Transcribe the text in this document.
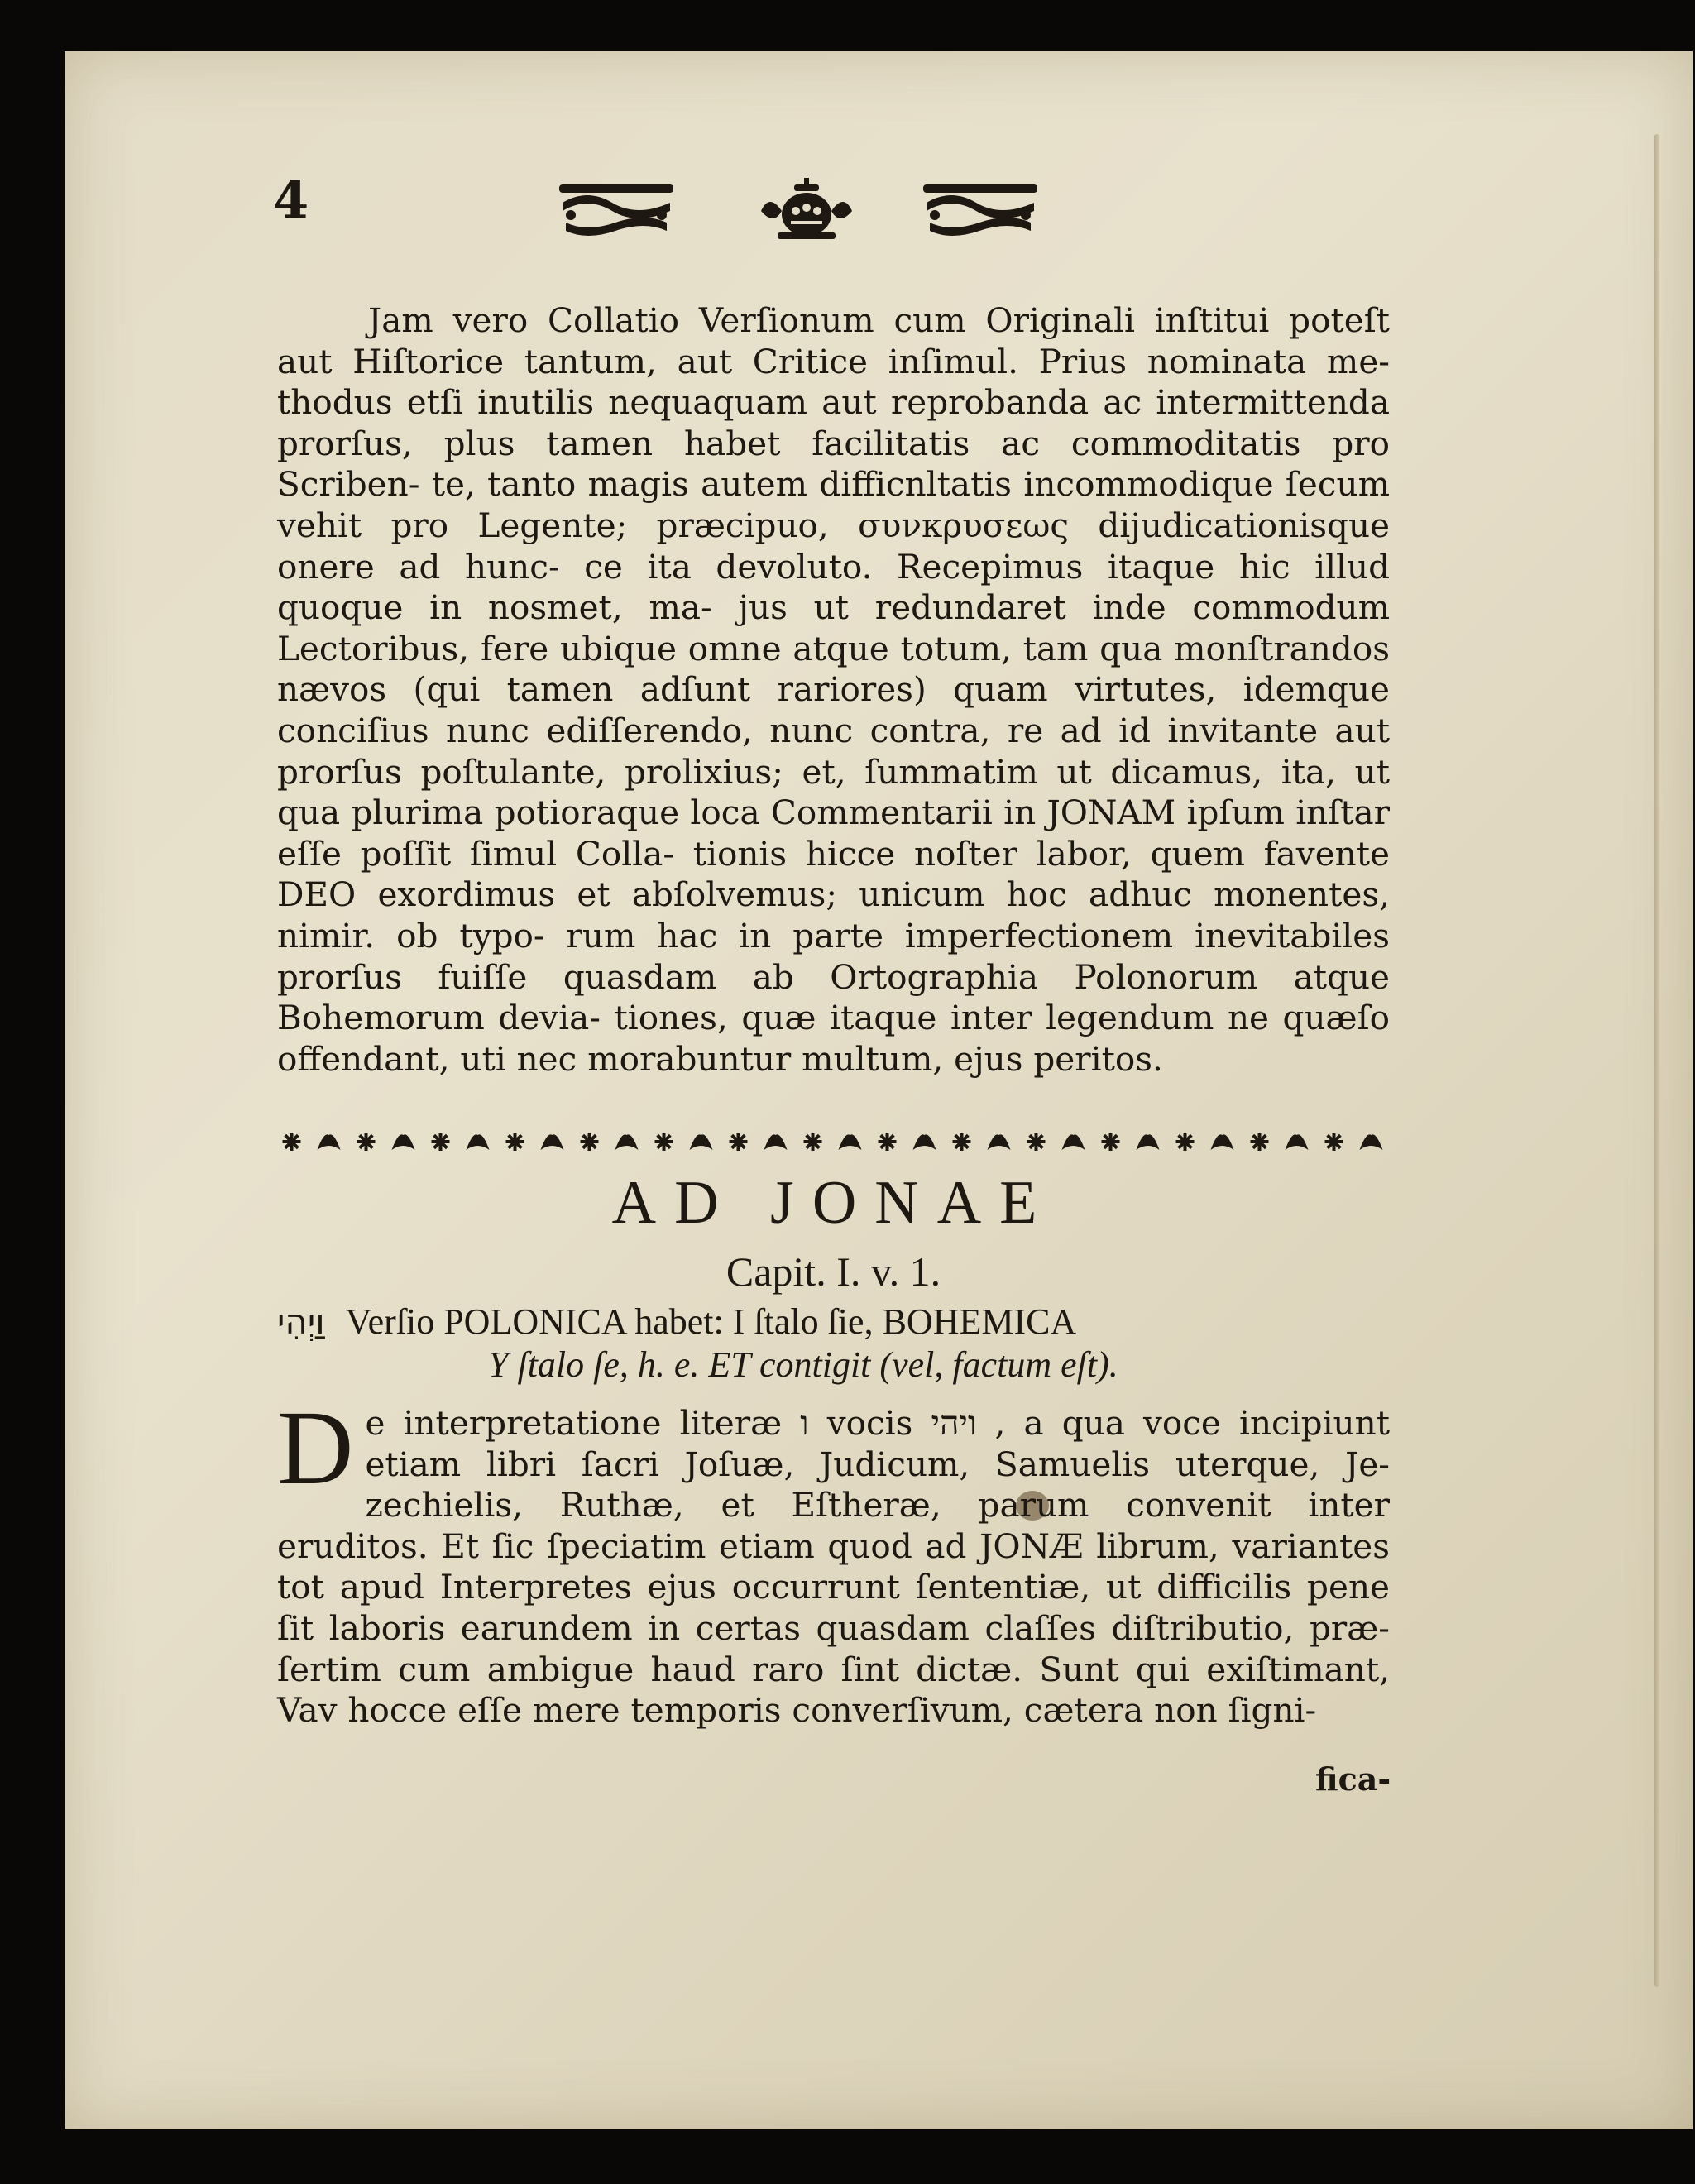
4

Jam vero Collatio Verſionum cum Originali inſtitui poteſt aut Hiſtorice tantum, aut Critice inſimul. Prius nominata me- thodus etſi inutilis nequaquam aut reprobanda ac intermittenda prorſus, plus tamen habet facilitatis ac commoditatis pro Scriben- te, tanto magis autem difficnltatis incommodique ſecum vehit pro Legente; præcipuo, συνκρυσεως dijudicationisque onere ad hunc- ce ita devoluto. Recepimus itaque hic illud quoque in nosmet, ma- jus ut redundaret inde commodum Lectoribus, fere ubique omne atque totum, tam qua monſtrandos nævos (qui tamen adſunt rariores) quam virtutes, idemque conciſius nunc ediſſerendo, nunc contra, re ad id invitante aut prorſus poſtulante, prolixius; et, ſummatim ut dicamus, ita, ut qua plurima potioraque loca Commentarii in JONAM ipſum inſtar eſſe poſſit ſimul Colla- tionis hicce noſter labor, quem favente DEO exordimus et abſolvemus; unicum hoc adhuc monentes, nimir. ob typo- rum hac in parte imperfectionem inevitabiles prorſus fuiſſe quasdam ab Ortographia Polonorum atque Bohemorum devia- tiones, quæ itaque inter legendum ne quæſo offendant, uti nec morabuntur multum, ejus peritos.

AD JONAE
Capit. I. v. 1.
וַיְהִי Verſio POLONICA habet: I ſtalo ſie, BOHEMICA
Y ſtalo ſe, h. e. ET contigit (vel, factum eſt).
D e interpretatione literæ ו vocis ויהי , a qua voce incipiunt etiam libri ſacri Joſuæ, Judicum, Samuelis uterque, Je- zechielis, Ruthæ, et Eſtheræ, parum convenit inter eruditos. Et ſic ſpeciatim etiam quod ad JONÆ librum, variantes tot apud Interpretes ejus occurrunt ſententiæ, ut difficilis pene ſit laboris earundem in certas quasdam claſſes diſtributio, præ- ſertim cum ambigue haud raro ſint dictæ. Sunt qui exiſtimant, Vav hocce eſſe mere temporis converſivum, cætera non ſigni-

fica-
